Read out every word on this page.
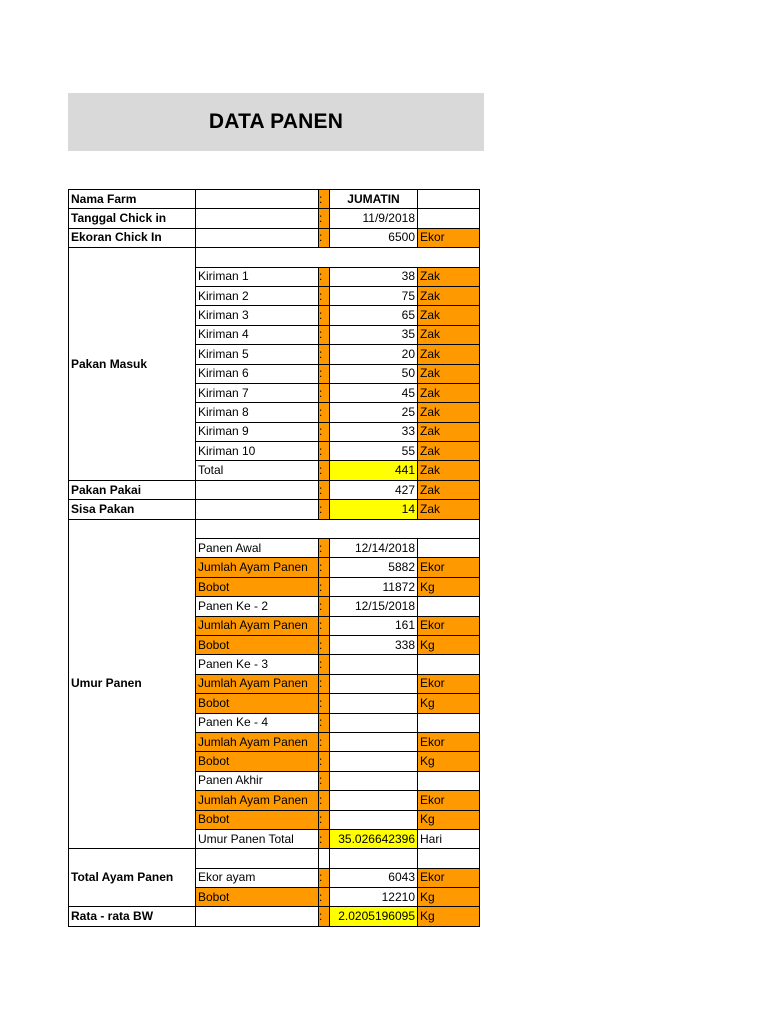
DATA PANEN
Nama Farm		:	JUMATIN	
Tanggal Chick in		:	11/9/2018	
Ekoran Chick In		:	6500	Ekor
Pakan Masuk				
	Kiriman 1	:	38	Zak
	Kiriman 2	:	75	Zak
	Kiriman 3	:	65	Zak
	Kiriman 4	:	35	Zak
	Kiriman 5	:	20	Zak
	Kiriman 6	:	50	Zak
	Kiriman 7	:	45	Zak
	Kiriman 8	:	25	Zak
	Kiriman 9	:	33	Zak
	Kiriman 10	:	55	Zak
	Total	:	441	Zak
Pakan Pakai		:	427	Zak
Sisa Pakan		:	14	Zak
Umur Panen				
	Panen Awal	:	12/14/2018	
	Jumlah Ayam Panen	:	5882	Ekor
	Bobot	:	11872	Kg
	Panen Ke - 2	:	12/15/2018	
	Jumlah Ayam Panen	:	161	Ekor
	Bobot	:	338	Kg
	Panen Ke - 3	:		
	Jumlah Ayam Panen	:		Ekor
	Bobot	:		Kg
	Panen Ke - 4	:		
	Jumlah Ayam Panen	:		Ekor
	Bobot	:		Kg
	Panen Akhir	:		
	Jumlah Ayam Panen	:		Ekor
	Bobot	:		Kg
	Umur Panen Total	:	35.026642396	Hari
Total Ayam Panen				
	Ekor ayam	:	6043	Ekor
	Bobot	:	12210	Kg
Rata - rata BW		:	2.0205196095	Kg
